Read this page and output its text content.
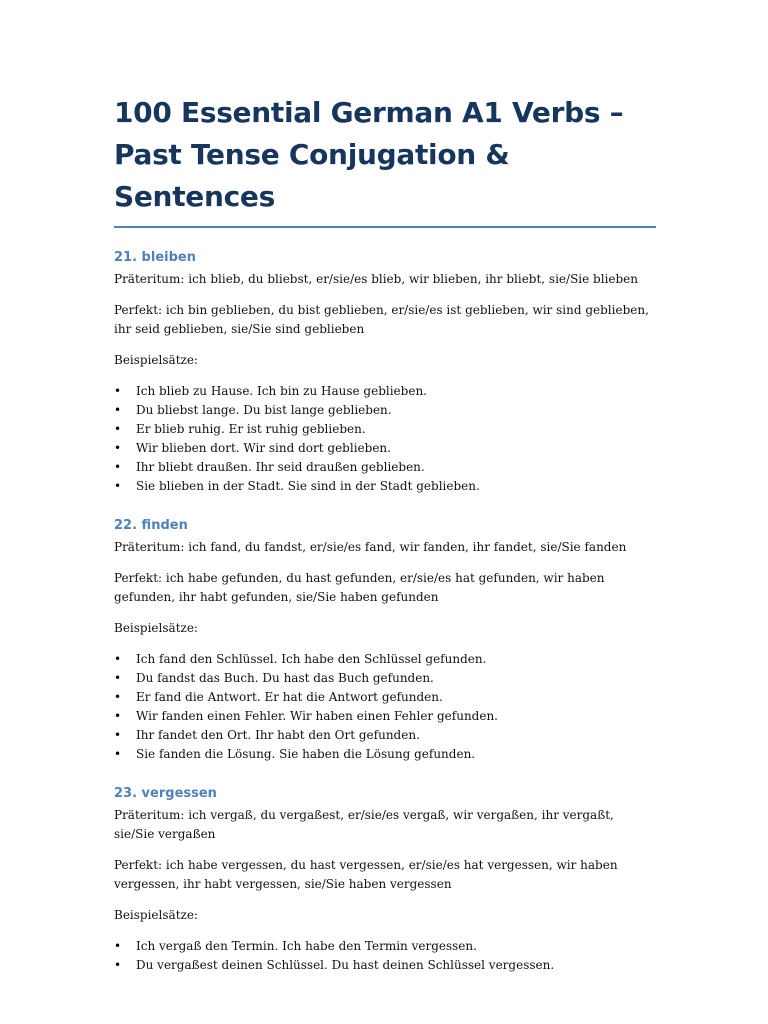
100 Essential German A1 Verbs – Past Tense Conjugation & Sentences
21. bleiben

Präteritum: ich blieb, du bliebst, er/sie/es blieb, wir blieben, ihr bliebt, sie/Sie blieben

Perfekt: ich bin geblieben, du bist geblieben, er/sie/es ist geblieben, wir sind geblieben, ihr seid geblieben, sie/Sie sind geblieben

Beispielsätze:

• Ich blieb zu Hause. Ich bin zu Hause geblieben.
• Du bliebst lange. Du bist lange geblieben.
• Er blieb ruhig. Er ist ruhig geblieben.
• Wir blieben dort. Wir sind dort geblieben.
• Ihr bliebt draußen. Ihr seid draußen geblieben.
• Sie blieben in der Stadt. Sie sind in der Stadt geblieben.
22. finden

Präteritum: ich fand, du fandst, er/sie/es fand, wir fanden, ihr fandet, sie/Sie fanden

Perfekt: ich habe gefunden, du hast gefunden, er/sie/es hat gefunden, wir haben gefunden, ihr habt gefunden, sie/Sie haben gefunden

Beispielsätze:

• Ich fand den Schlüssel. Ich habe den Schlüssel gefunden.
• Du fandst das Buch. Du hast das Buch gefunden.
• Er fand die Antwort. Er hat die Antwort gefunden.
• Wir fanden einen Fehler. Wir haben einen Fehler gefunden.
• Ihr fandet den Ort. Ihr habt den Ort gefunden.
• Sie fanden die Lösung. Sie haben die Lösung gefunden.
23. vergessen

Präteritum: ich vergaß, du vergaßest, er/sie/es vergaß, wir vergaßen, ihr vergaßt, sie/Sie vergaßen

Perfekt: ich habe vergessen, du hast vergessen, er/sie/es hat vergessen, wir haben vergessen, ihr habt vergessen, sie/Sie haben vergessen

Beispielsätze:

• Ich vergaß den Termin. Ich habe den Termin vergessen.
• Du vergaßest deinen Schlüssel. Du hast deinen Schlüssel vergessen.
